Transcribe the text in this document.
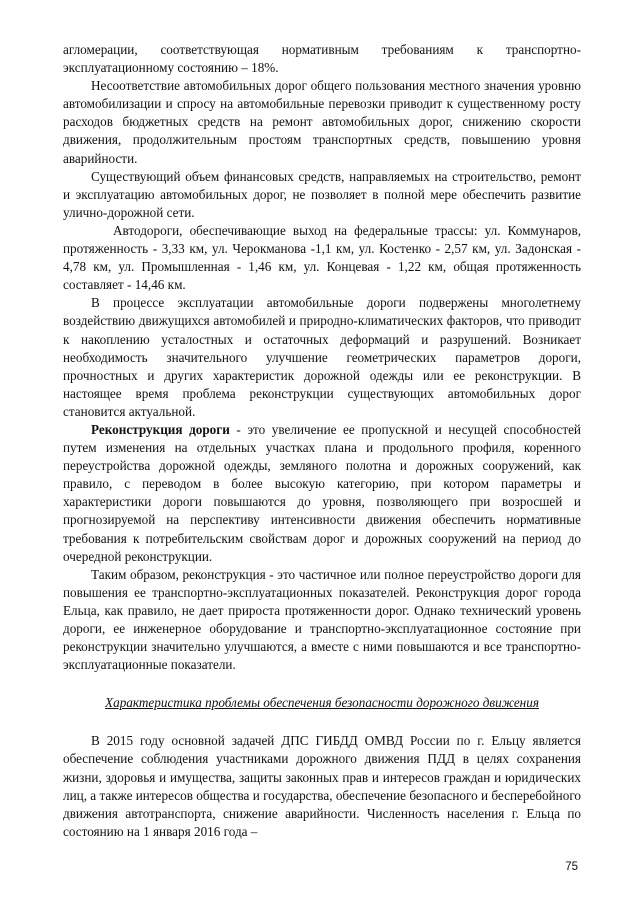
агломерации, соответствующая нормативным требованиям к транспортно-эксплуатационному состоянию – 18%.

Несоответствие автомобильных дорог общего пользования местного значения уровню автомобилизации и спросу на автомобильные перевозки приводит к существенному росту расходов бюджетных средств на ремонт автомобильных дорог, снижению скорости движения, продолжительным простоям транспортных средств, повышению уровня аварийности.

Существующий объем финансовых средств, направляемых на строительство, ремонт и эксплуатацию автомобильных дорог, не позволяет в полной мере обеспечить развитие улично-дорожной сети.

Автодороги, обеспечивающие выход на федеральные трассы: ул. Коммунаров, протяженность - 3,33 км, ул. Черокманова -1,1 км, ул. Костенко - 2,57 км, ул. Задонская - 4,78 км, ул. Промышленная - 1,46 км, ул. Концевая - 1,22 км, общая протяженность составляет - 14,46 км.

В процессе эксплуатации автомобильные дороги подвержены многолетнему воздействию движущихся автомобилей и природно-климатических факторов, что приводит к накоплению усталостных и остаточных деформаций и разрушений. Возникает необходимость значительного улучшение геометрических параметров дороги, прочностных и других характеристик дорожной одежды или ее реконструкции. В настоящее время проблема реконструкции существующих автомобильных дорог становится актуальной.

Реконструкция дороги - это увеличение ее пропускной и несущей способностей путем изменения на отдельных участках плана и продольного профиля, коренного переустройства дорожной одежды, земляного полотна и дорожных сооружений, как правило, с переводом в более высокую категорию, при котором параметры и характеристики дороги повышаются до уровня, позволяющего при возросшей и прогнозируемой на перспективу интенсивности движения обеспечить нормативные требования к потребительским свойствам дорог и дорожных сооружений на период до очередной реконструкции.

Таким образом, реконструкция - это частичное или полное переустройство дороги для повышения ее транспортно-эксплуатационных показателей. Реконструкция дорог города Ельца, как правило, не дает прироста протяженности дорог. Однако технический уровень дороги, ее инженерное оборудование и транспортно-эксплуатационное состояние при реконструкции значительно улучшаются, а вместе с ними повышаются и все транспортно-эксплуатационные показатели.

Характеристика проблемы обеспечения безопасности дорожного движения

В 2015 году основной задачей ДПС ГИБДД ОМВД России по г. Ельцу является обеспечение соблюдения участниками дорожного движения ПДД в целях сохранения жизни, здоровья и имущества, защиты законных прав и интересов граждан и юридических лиц, а также интересов общества и государства, обеспечение безопасного и бесперебойного движения автотранспорта, снижение аварийности. Численность населения г. Ельца по состоянию на 1 января 2016 года –

75
